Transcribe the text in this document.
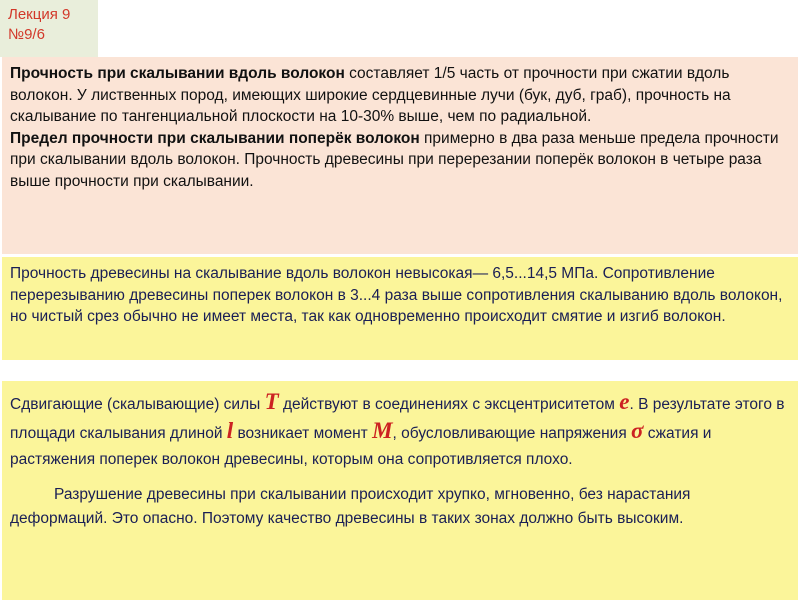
Лекция 9
№9/6
Прочность при скалывании вдоль волокон составляет 1/5 часть от прочности при сжатии вдоль волокон. У лиственных пород, имеющих широкие сердцевинные лучи (бук, дуб, граб), прочность на скалывание по тангенциальной плоскости на 10-30% выше, чем по радиальной.
Предел прочности при скалывании поперёк волокон примерно в два раза меньше предела прочности при скалывании вдоль волокон. Прочность древесины при перерезании поперёк волокон в четыре раза выше прочности при скалывании.
Прочность древесины на скалывание вдоль волокон невысокая— 6,5...14,5 МПа. Сопротивление перерезыванию древесины поперек волокон в 3...4 раза выше сопротивления скалыванию вдоль волокон, но чистый срез обычно не имеет места, так как одновременно происходит смятие и изгиб волокон.
Сдвигающие (скалывающие) силы T действуют в соединениях с эксцентриситетом e. В результате этого в площади скалывания длиной l возникает момент M, обусловливающие напряжения σ сжатия и растяжения поперек волокон древесины, которым она сопротивляется плохо.
Разрушение древесины при скалывании происходит хрупко, мгновенно, без нарастания деформаций. Это опасно. Поэтому качество древесины в таких зонах должно быть высоким.
